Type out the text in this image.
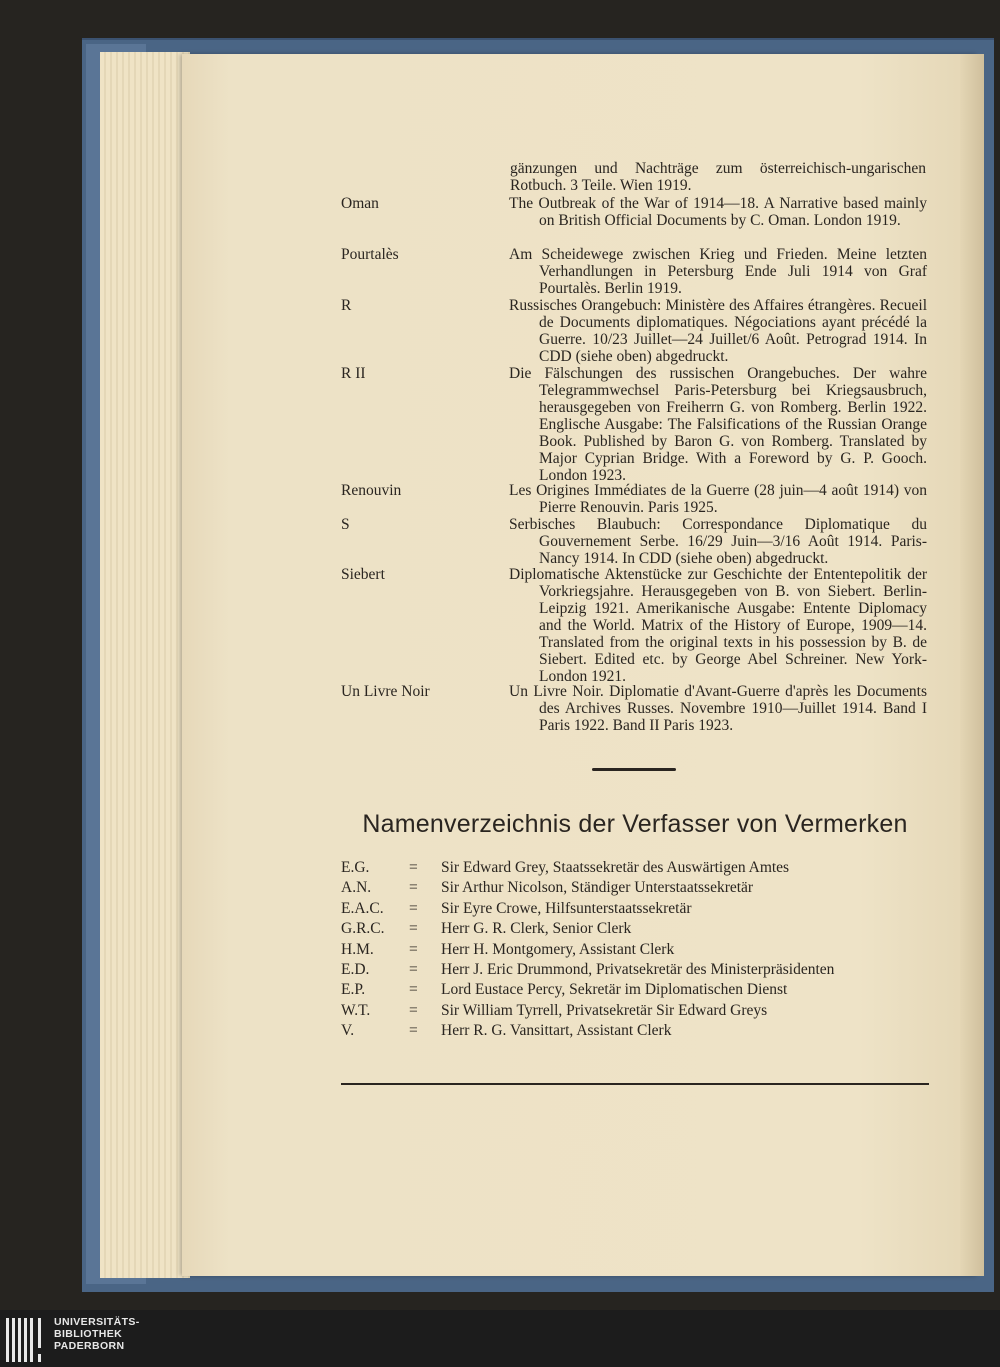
gänzungen und Nachträge zum österreichisch-ungarischen Rotbuch. 3 Teile. Wien 1919.
Oman	The Outbreak of the War of 1914—18. A Narrative based mainly on British Official Documents by C. Oman. London 1919.
Pourtalès	Am Scheidewege zwischen Krieg und Frieden. Meine letzten Verhandlungen in Petersburg Ende Juli 1914 von Graf Pourtalès. Berlin 1919.
R	Russisches Orangebuch: Ministère des Affaires étrangères. Recueil de Documents diplomatiques. Négociations ayant précédé la Guerre. 10/23 Juillet—24 Juillet/6 Août. Petrograd 1914. In CDD (siehe oben) abgedruckt.
R II	Die Fälschungen des russischen Orangebuches. Der wahre Telegrammwechsel Paris-Petersburg bei Kriegsausbruch, herausgegeben von Freiherrn G. von Romberg. Berlin 1922. Englische Ausgabe: The Falsifications of the Russian Orange Book. Published by Baron G. von Romberg. Translated by Major Cyprian Bridge. With a Foreword by G. P. Gooch. London 1923.
Renouvin	Les Origines Immédiates de la Guerre (28 juin—4 août 1914) von Pierre Renouvin. Paris 1925.
S	Serbisches Blaubuch: Correspondance Diplomatique du Gouvernement Serbe. 16/29 Juin—3/16 Août 1914. Paris-Nancy 1914. In CDD (siehe oben) abgedruckt.
Siebert	Diplomatische Aktenstücke zur Geschichte der Ententepolitik der Vorkriegsjahre. Herausgegeben von B. von Siebert. Berlin-Leipzig 1921. Amerikanische Ausgabe: Entente Diplomacy and the World. Matrix of the History of Europe, 1909—14. Translated from the original texts in his possession by B. de Siebert. Edited etc. by George Abel Schreiner. New York-London 1921.
Un Livre Noir	Un Livre Noir. Diplomatie d'Avant-Guerre d'après les Documents des Archives Russes. Novembre 1910—Juillet 1914. Band I Paris 1922. Band II Paris 1923.
Namenverzeichnis der Verfasser von Vermerken
E.G.	= Sir Edward Grey, Staatssekretär des Auswärtigen Amtes
A.N. = Sir Arthur Nicolson, Ständiger Unterstaatssekretär
E.A.C. = Sir Eyre Crowe, Hilfsunterstaatssekretär
G.R.C. = Herr G. R. Clerk, Senior Clerk
H.M. = Herr H. Montgomery, Assistant Clerk
E.D.	= Herr J. Eric Drummond, Privatsekretär des Ministerpräsidenten
E.P.	= Lord Eustace Percy, Sekretär im Diplomatischen Dienst
W.T. = Sir William Tyrrell, Privatsekretär Sir Edward Greys
V.	= Herr R. G. Vansittart, Assistant Clerk
UNIVERSITÄTS-
BIBLIOTHEK
PADERBORN
